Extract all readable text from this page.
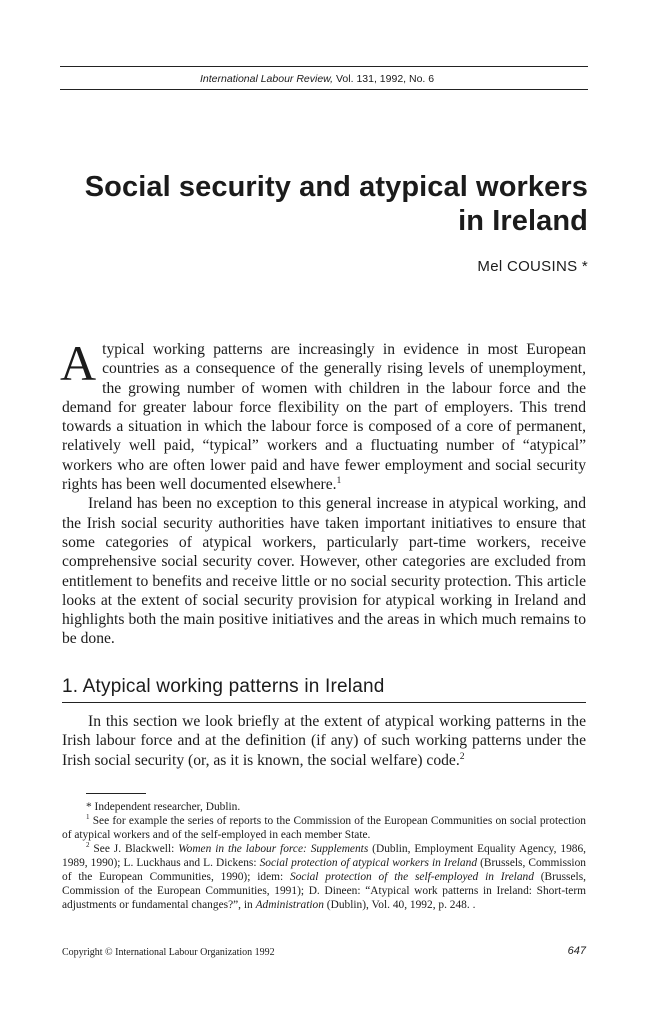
International Labour Review, Vol. 131, 1992, No. 6
Social security and atypical workers
in Ireland
Mel COUSINS *

Atypical working patterns are increasingly in evidence in most European countries as a consequence of the generally rising levels of unemployment, the growing number of women with children in the labour force and the demand for greater labour force flexibility on the part of employers. This trend towards a situation in which the labour force is composed of a core of permanent, relatively well paid, “typical” workers and a fluctuating number of “atypical” workers who are often lower paid and have fewer employment and social security rights has been well documented elsewhere.$^1$

Ireland has been no exception to this general increase in atypical working, and the Irish social security authorities have taken important initiatives to ensure that some categories of atypical workers, particularly part-time workers, receive comprehensive social security cover. However, other categories are excluded from entitlement to benefits and receive little or no social security protection. This article looks at the extent of social security provision for atypical working in Ireland and highlights both the main positive initiatives and the areas in which much remains to be done.

1. Atypical working patterns in Ireland

In this section we look briefly at the extent of atypical working patterns in the Irish labour force and at the definition (if any) of such working patterns under the Irish social security (or, as it is known, the social welfare) code.$^2$

* Independent researcher, Dublin.

$^1$ See for example the series of reports to the Commission of the European Communities on social protection of atypical workers and of the self-employed in each member State.

$^2$ See J. Blackwell: Women in the labour force: Supplements (Dublin, Employment Equality Agency, 1986, 1989, 1990); L. Luckhaus and L. Dickens: Social protection of atypical workers in Ireland (Brussels, Commission of the European Communities, 1990); idem: Social protection of the self-employed in Ireland (Brussels, Commission of the European Communities, 1991); D. Dineen: “Atypical work patterns in Ireland: Short-term adjustments or fundamental changes?”, in Administration (Dublin), Vol. 40, 1992, p. 248. .

Copyright © International Labour Organization 1992	647
